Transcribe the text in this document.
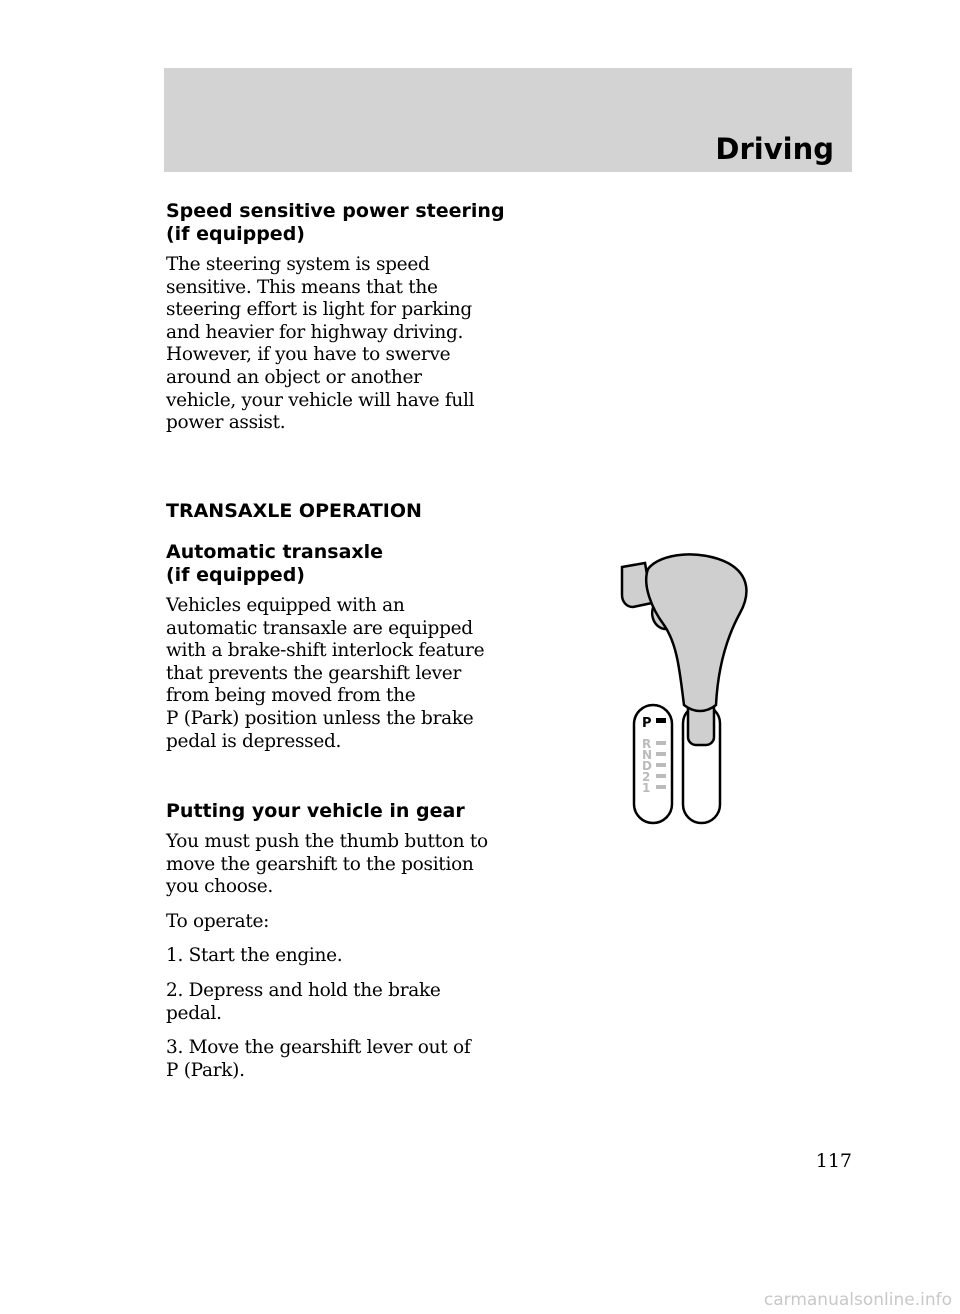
Driving

Speed sensitive power steering

(if equipped)

The steering system is speed

sensitive. This means that the

steering effort is light for parking

and heavier for highway driving.

However, if you have to swerve

around an object or another

vehicle, your vehicle will have full

power assist.

TRANSAXLE OPERATION

Automatic transaxle

(if equipped)

Vehicles equipped with an

automatic transaxle are equipped

with a brake-shift interlock feature

that prevents the gearshift lever

from being moved from the

P (Park) position unless the brake

pedal is depressed.

Putting your vehicle in gear

You must push the thumb button to

move the gearshift to the position

you choose.

To operate:

1. Start the engine.

2. Depress and hold the brake

pedal.

3. Move the gearshift lever out of

P (Park).

P
R
N
D
2
1
117
carmanualsonline.info
